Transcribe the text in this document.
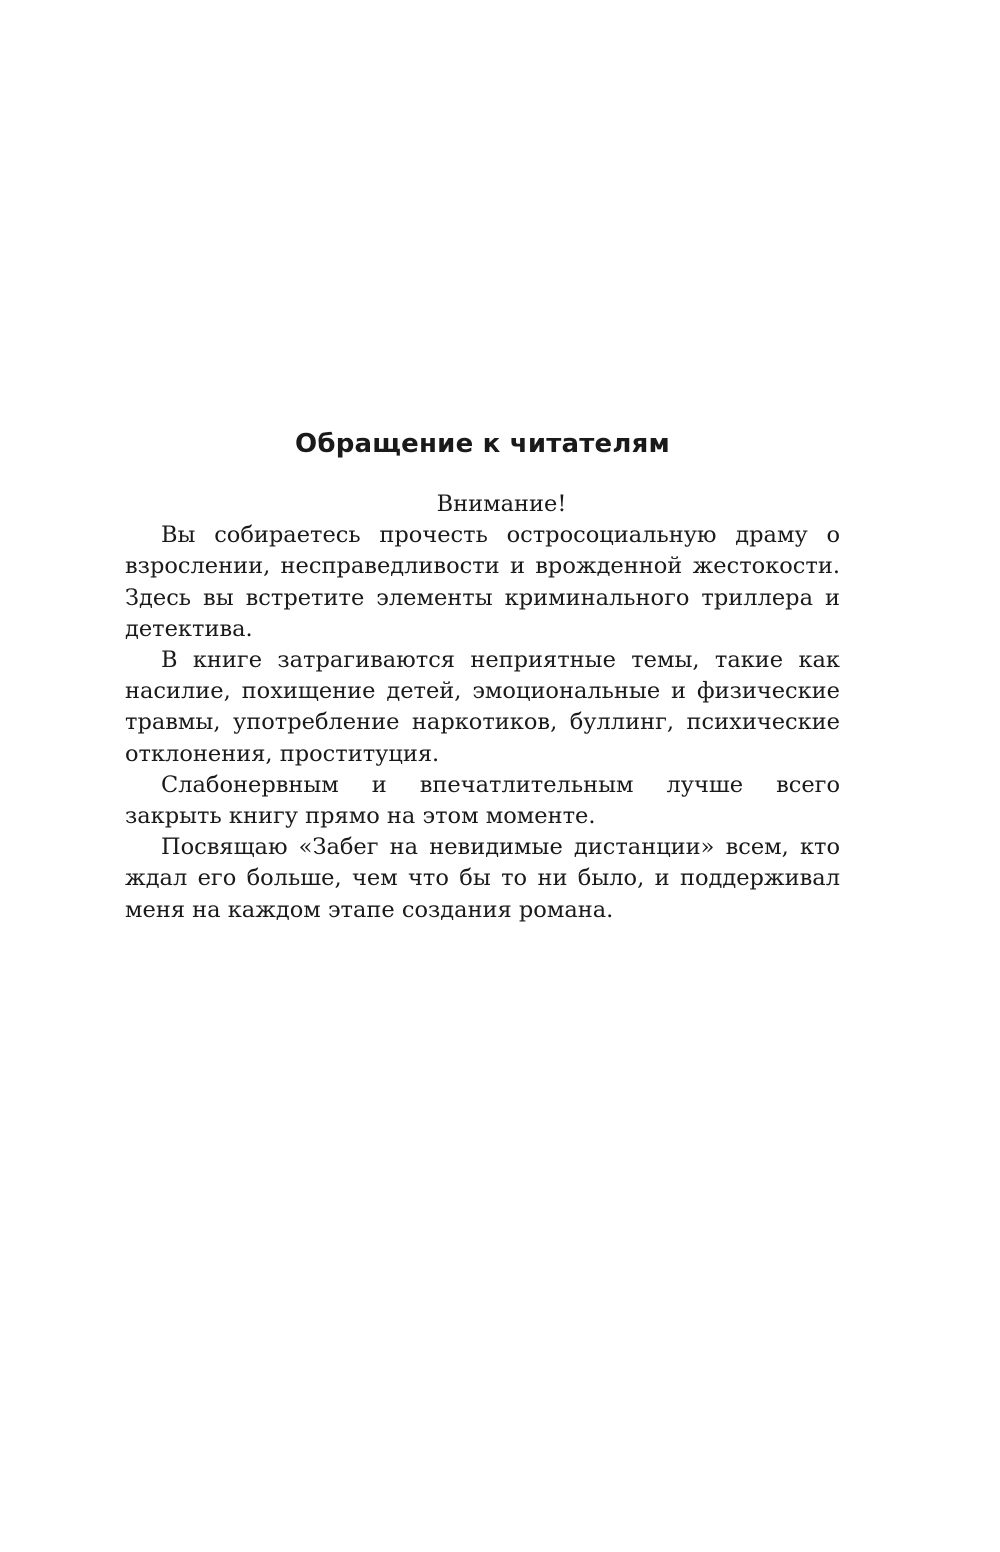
Обращение к читателям

Внимание!

Вы собираетесь прочесть остросоциальную драму о взрослении, несправедливости и врожденной жестокости. Здесь вы встретите элементы криминального триллера и детектива.

В книге затрагиваются неприятные темы, такие как насилие, похищение детей, эмоциональные и физические травмы, употребление наркотиков, буллинг, психические отклонения, проституция.

Слабонервным и впечатлительным лучше всего закрыть книгу прямо на этом моменте.

Посвящаю «Забег на невидимые дистанции» всем, кто ждал его больше, чем что бы то ни было, и поддерживал меня на каждом этапе создания романа.
